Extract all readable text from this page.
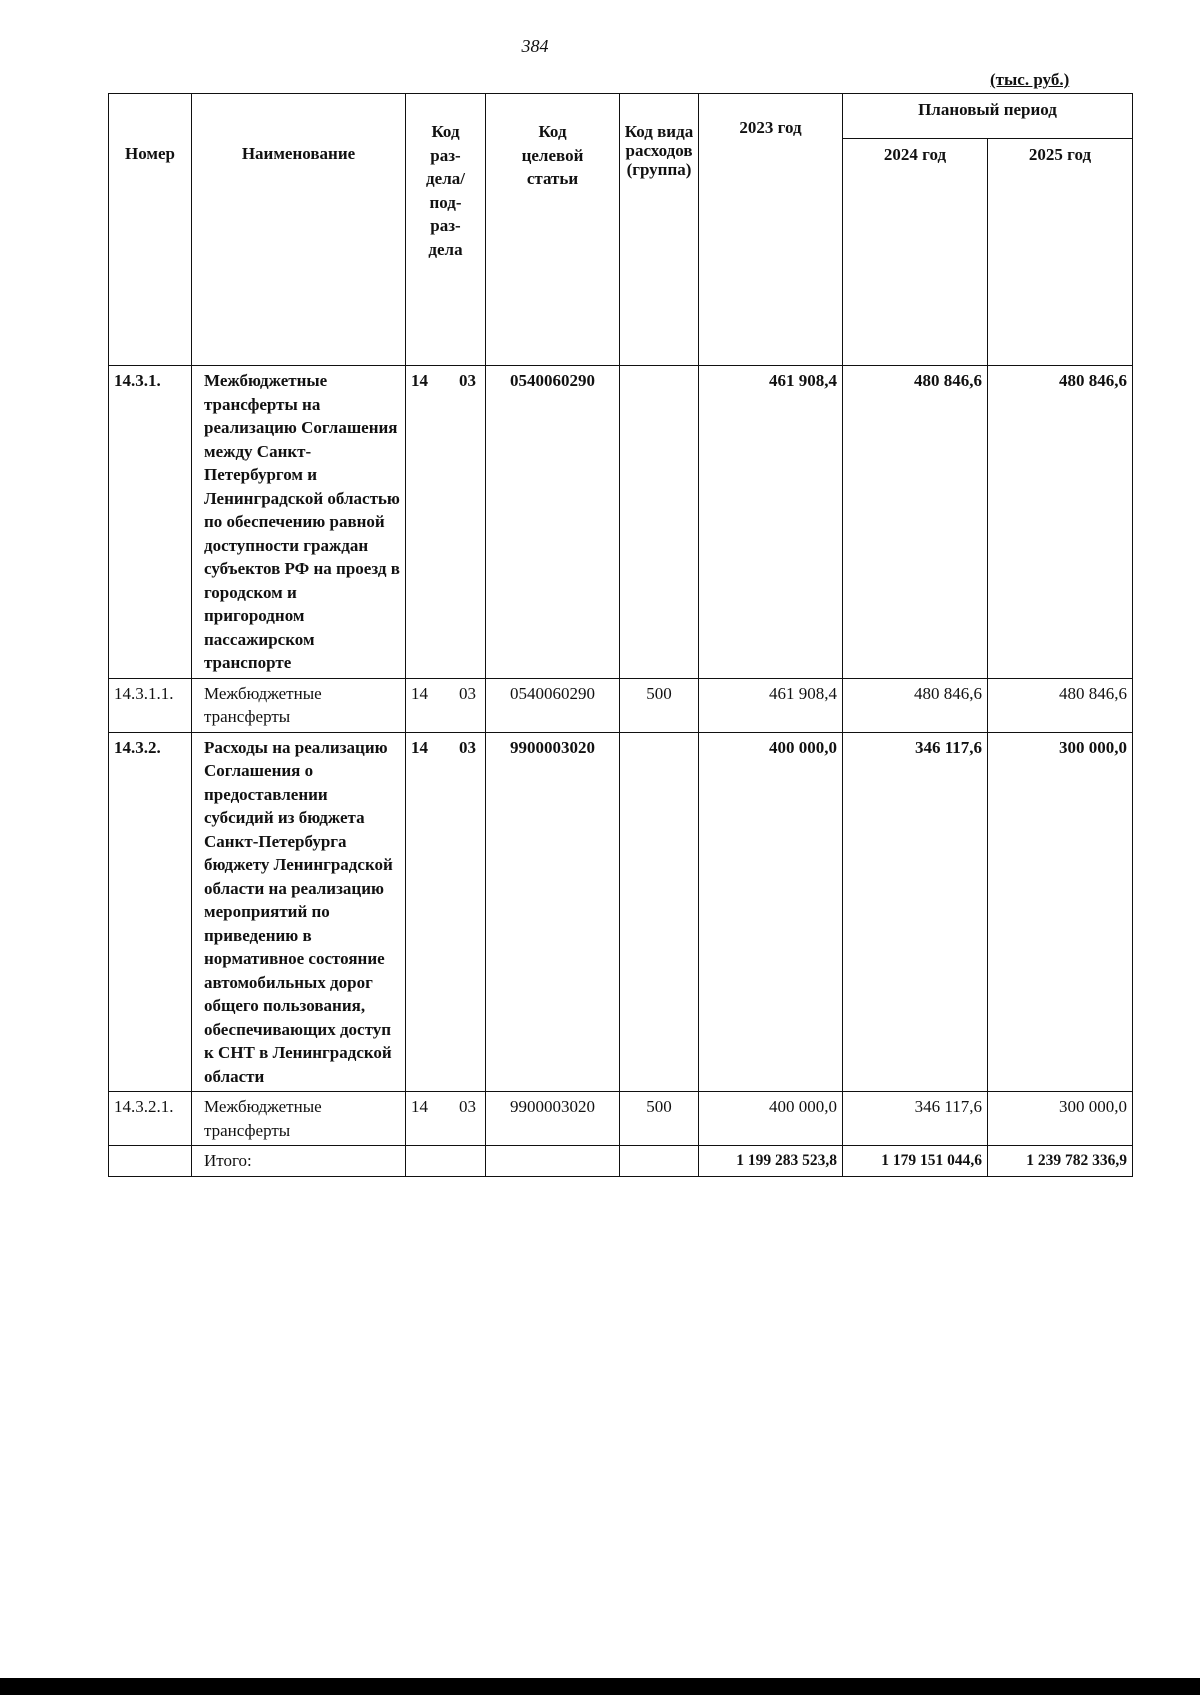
384
(тыс. руб.)
Номер	Наименование	Код раз- дела/ под- раз- дела	Код целевой статьи	Код вида расходов (группа)	2023 год	Плановый период	
						2024 год	2025 год
14.3.1.	Межбюджетные трансферты на реализацию Соглашения между Санкт-Петербургом и Ленинградской областью по обеспечению равной доступности граждан субъектов РФ на проезд в городском и пригородном пассажирском транспорте	14 03	0540060290		461 908,4	480 846,6	480 846,6
14.3.1.1.	Межбюджетные трансферты	14 03	0540060290	500	461 908,4	480 846,6	480 846,6
14.3.2.	Расходы на реализацию Соглашения о предоставлении субсидий из бюджета Санкт-Петербурга бюджету Ленинградской области на реализацию мероприятий по приведению в нормативное состояние автомобильных дорог общего пользования, обеспечивающих доступ к СНТ в Ленинградской области	14 03	9900003020		400 000,0	346 117,6	300 000,0
14.3.2.1.	Межбюджетные трансферты	14 03	9900003020	500	400 000,0	346 117,6	300 000,0
	Итого:				1 199 283 523,8	1 179 151 044,6	1 239 782 336,9
